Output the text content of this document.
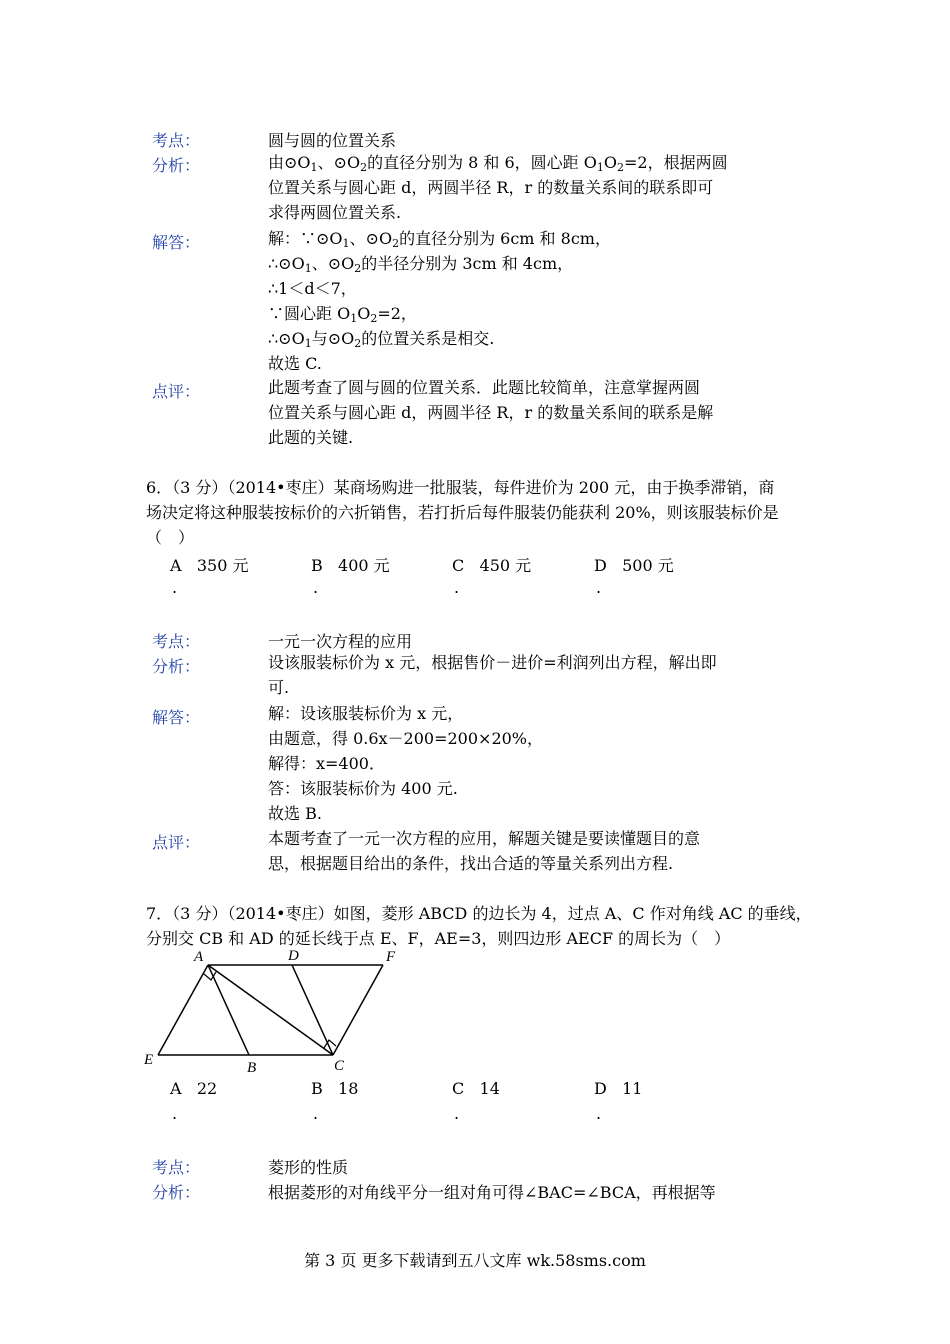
考点：	圆与圆的位置关系
分析：	由$⊙O_1$、$⊙O_2$的直径分别为 8 和 6，圆心距 $O_1O_2=2$，根据两圆
位置关系与圆心距 d，两圆半径 R，r 的数量关系间的联系即可
求得两圆位置关系.
解答：	解：$\because⊙O_1$、$⊙O_2$的直径分别为 6cm 和 8cm，
$\therefore⊙O_1$、$⊙O_2$的半径分别为 3cm 和 4cm，
∴1＜d＜7，
∵圆心距 $O_1O_2=2$，
$\therefore⊙O_1$与$⊙O_2$的位置关系是相交.
故选 C.
点评：	此题考查了圆与圆的位置关系．此题比较简单，注意掌握两圆
位置关系与圆心距 d，两圆半径 R，r 的数量关系间的联系是解
此题的关键.
6．（3 分）（2014•枣庄）某商场购进一批服装，每件进价为 200 元，由于换季滞销，商
场决定将这种服装按标价的六折销售，若打折后每件服装仍能获利 20%，则该服装标价是
（　）
A 350 元	B 400 元	C 450 元	D 500 元
.	.	.	.
考点：	一元一次方程的应用
分析：	设该服装标价为 x 元，根据售价－进价=利润列出方程，解出即
可.
解答：	解：设该服装标价为 x 元，
由题意，得 0.6x－200=200×20%，
解得：x=400．
答：该服装标价为 400 元.
故选 B.
点评：	本题考查了一元一次方程的应用，解题关键是要读懂题目的意
思，根据题目给出的条件，找出合适的等量关系列出方程.
7．（3 分）（2014•枣庄）如图，菱形 ABCD 的边长为 4，过点 A、C 作对角线 AC 的垂线，
分别交 CB 和 AD 的延长线于点 E、F，AE=3，则四边形 AECF 的周长为（　）
A	D	F
E	B	C
A 22	B 18	C 14	D 11
.	.	.	.
考点：	菱形的性质
分析：	根据菱形的对角线平分一组对角可得∠BAC=∠BCA，再根据等
第 3 页 更多下载请到五八文库 wk.58sms.com
